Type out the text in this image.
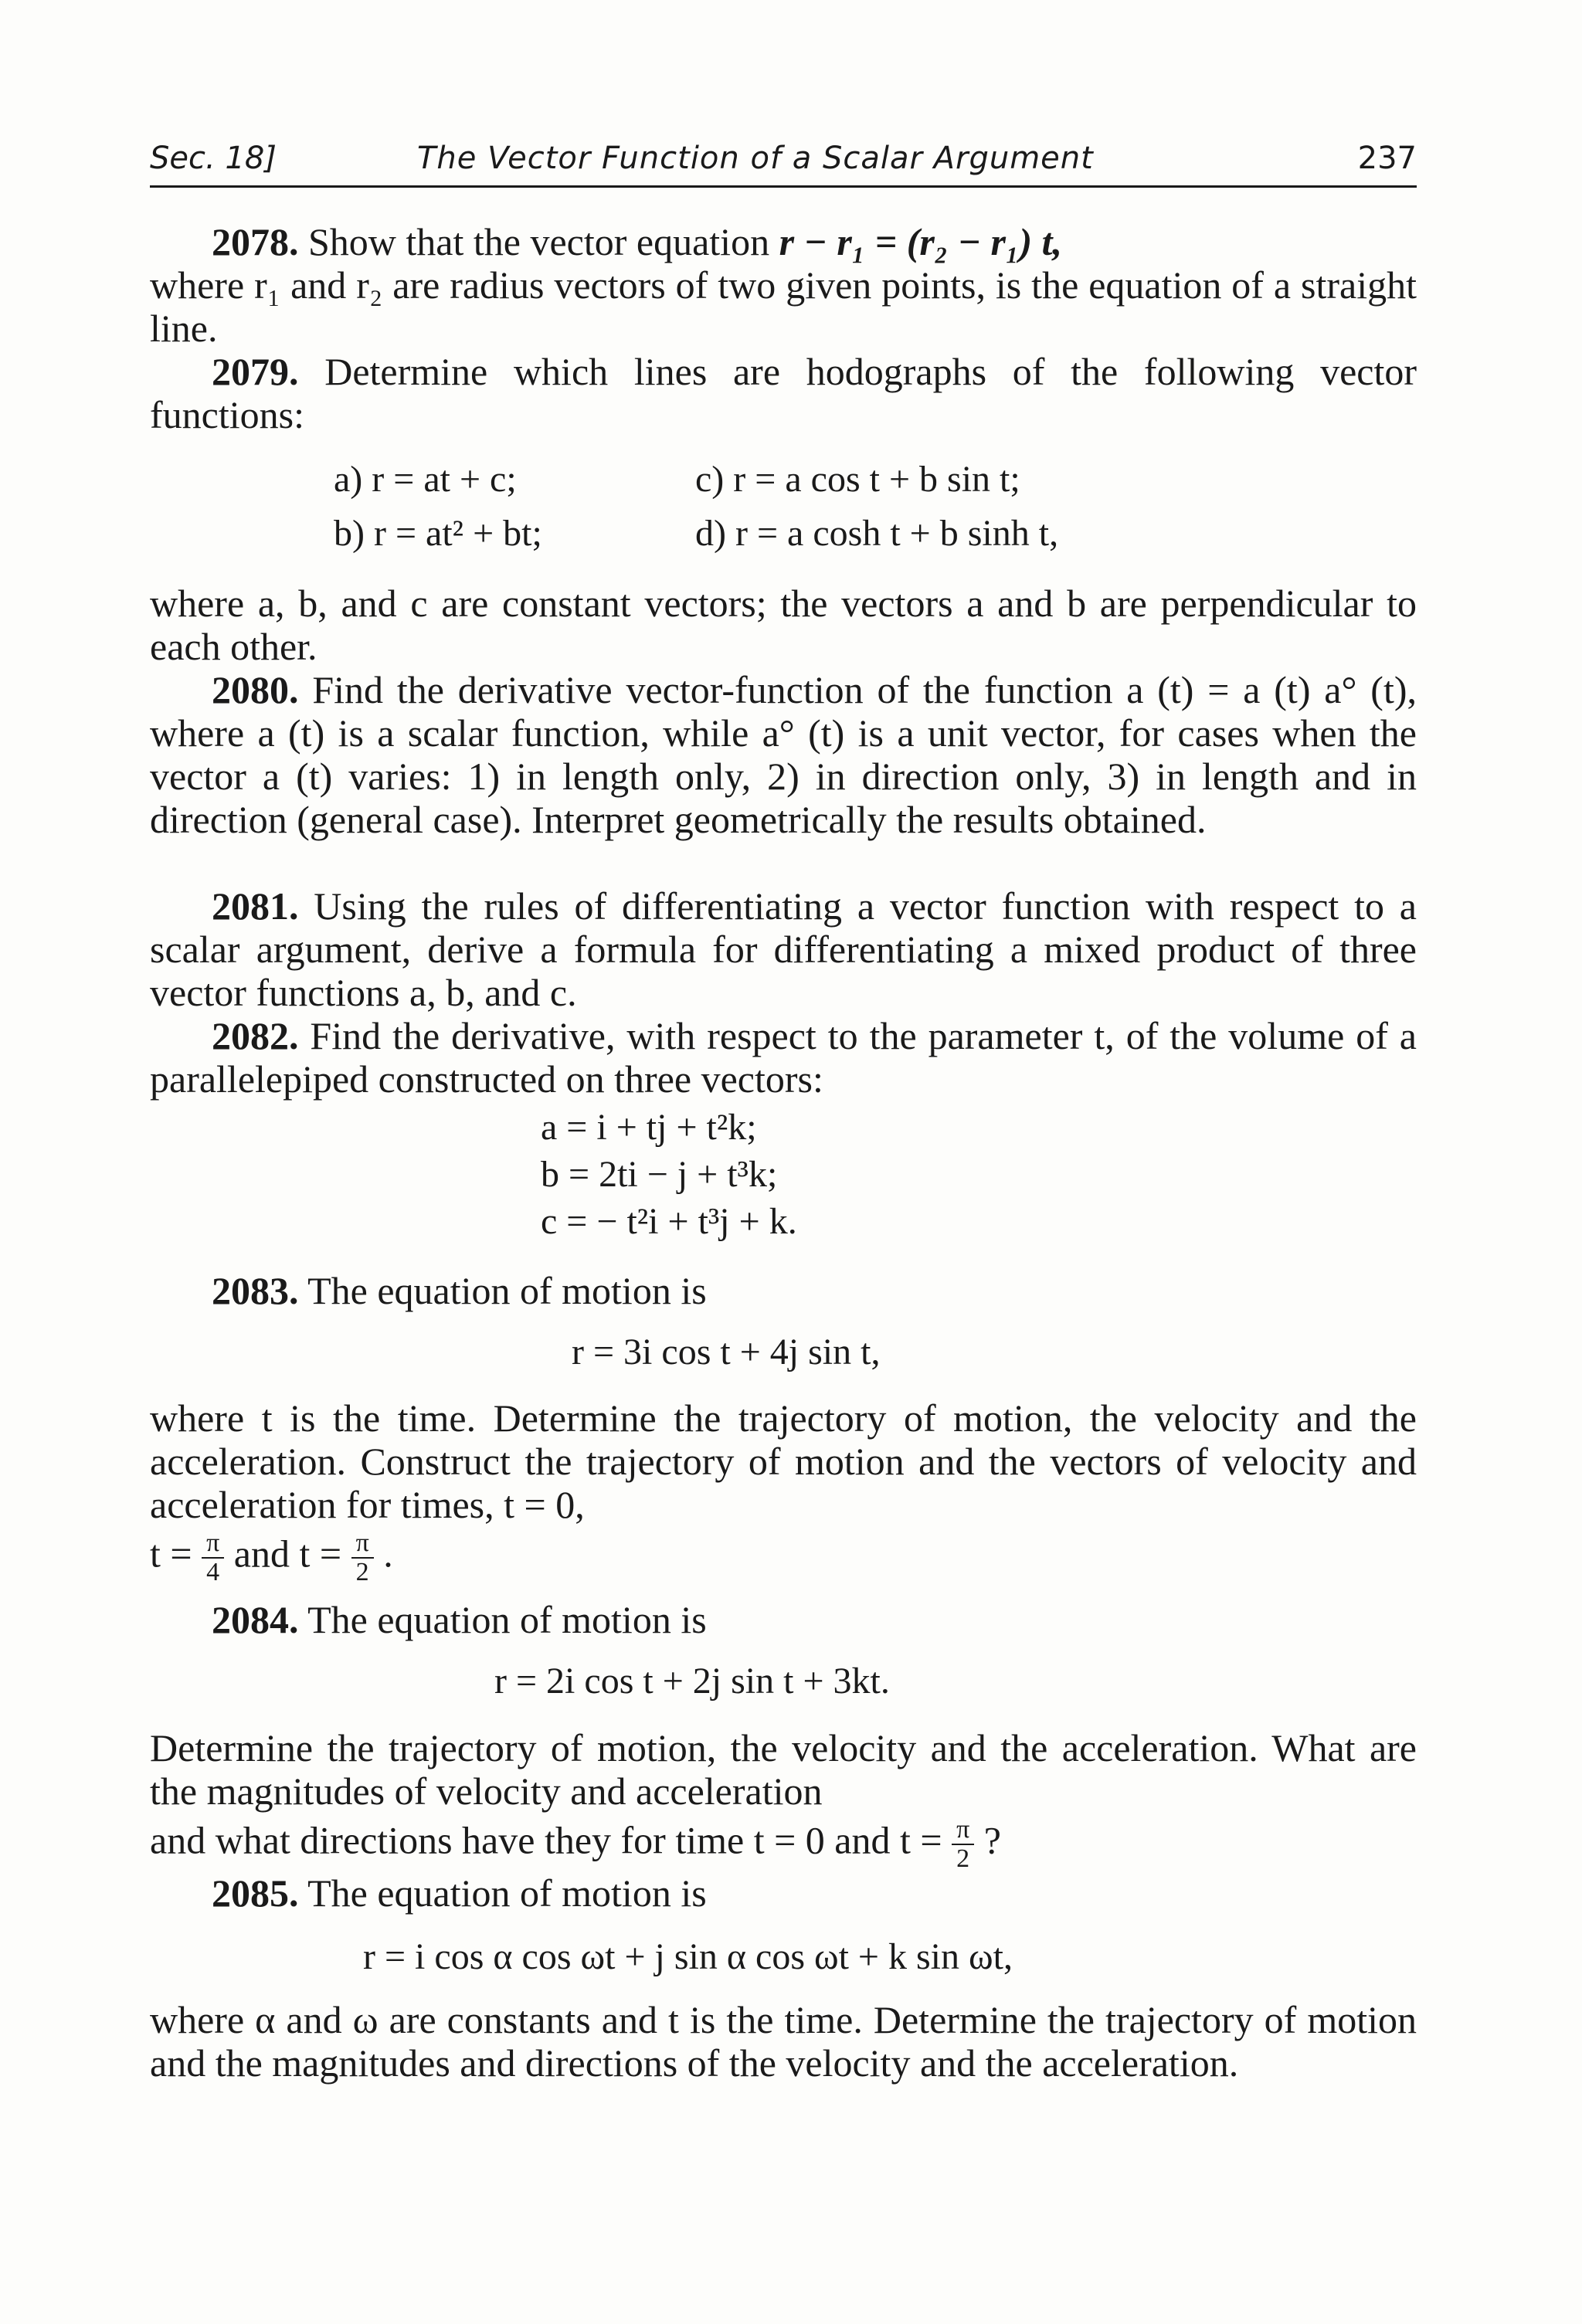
Sec. 18]	The Vector Function of a Scalar Argument	237

2078. Show that the vector equation r − r₁ = (r₂ − r₁) t,

where r₁ and r₂ are radius vectors of two given points, is the equation of a straight line.

2079. Determine which lines are hodographs of the following vector functions:

a) r = at + c;
b) r = at² + bt;
c) r = a cos t + b sin t;
d) r = a cosh t + b sinh t,

where a, b, and c are constant vectors; the vectors a and b are perpendicular to each other.

2080. Find the derivative vector-function of the function a (t) = a (t) a° (t), where a (t) is a scalar function, while a° (t) is a unit vector, for cases when the vector a (t) varies: 1) in length only, 2) in direction only, 3) in length and in direction (general case). Interpret geometrically the results obtained.

2081. Using the rules of differentiating a vector function with respect to a scalar argument, derive a formula for differentiating a mixed product of three vector functions a, b, and c.

2082. Find the derivative, with respect to the parameter t, of the volume of a parallelepiped constructed on three vectors:

a = i + tj + t²k;
b = 2ti − j + t³k;
c = − t²i + t³j + k.

2083. The equation of motion is

r = 3i cos t + 4j sin t,

where t is the time. Determine the trajectory of motion, the velocity and the acceleration. Construct the trajectory of motion and the vectors of velocity and acceleration for times, t = 0,

$t = \frac{\pi}{4}$ and $t = \frac{\pi}{2}$ .

2084. The equation of motion is

r = 2i cos t + 2j sin t + 3kt.

Determine the trajectory of motion, the velocity and the acceleration. What are the magnitudes of velocity and acceleration

and what directions have they for time t = 0 and $t = \frac{\pi}{2}$ ?

2085. The equation of motion is

r = i cos α cos ωt + j sin α cos ωt + k sin ωt,

where α and ω are constants and t is the time. Determine the trajectory of motion and the magnitudes and directions of the velocity and the acceleration.
